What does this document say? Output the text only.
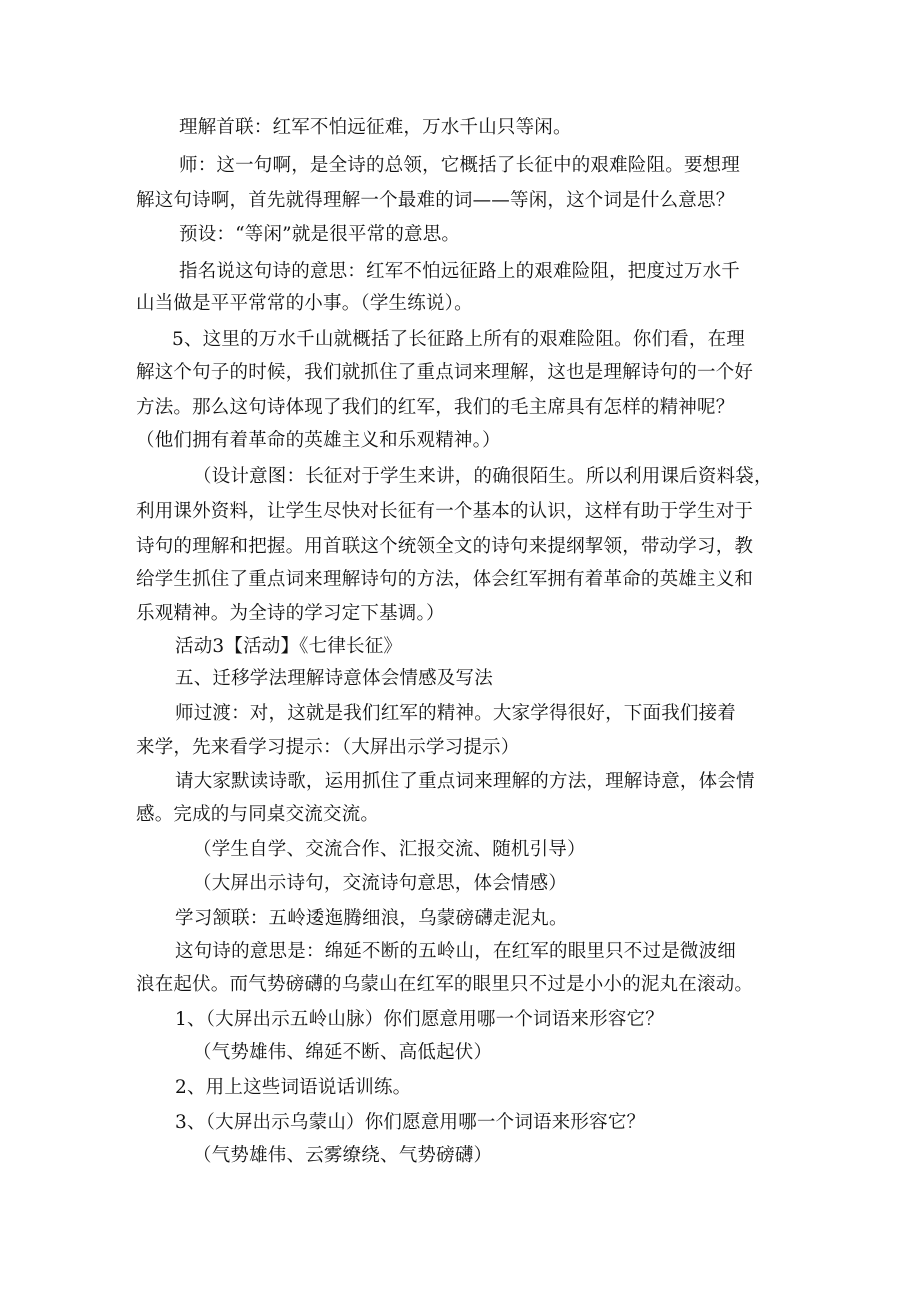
理解首联：红军不怕远征难，万水千山只等闲。
师：这一句啊，是全诗的总领，它概括了长征中的艰难险阻。要想理
解这句诗啊，首先就得理解一个最难的词——等闲，这个词是什么意思？
预设：“等闲”就是很平常的意思。
指名说这句诗的意思：红军不怕远征路上的艰难险阻，把度过万水千
山当做是平平常常的小事。（学生练说）。
5、这里的万水千山就概括了长征路上所有的艰难险阻。你们看，在理
解这个句子的时候，我们就抓住了重点词来理解，这也是理解诗句的一个好
方法。那么这句诗体现了我们的红军，我们的毛主席具有怎样的精神呢？
（他们拥有着革命的英雄主义和乐观精神。）
（设计意图：长征对于学生来讲，的确很陌生。所以利用课后资料袋，
利用课外资料，让学生尽快对长征有一个基本的认识，这样有助于学生对于
诗句的理解和把握。用首联这个统领全文的诗句来提纲挈领，带动学习，教
给学生抓住了重点词来理解诗句的方法，体会红军拥有着革命的英雄主义和
乐观精神。为全诗的学习定下基调。）
活动3【活动】《七律长征》
五、迁移学法理解诗意体会情感及写法
师过渡：对，这就是我们红军的精神。大家学得很好，下面我们接着
来学，先来看学习提示：（大屏出示学习提示）
请大家默读诗歌，运用抓住了重点词来理解的方法，理解诗意，体会情
感。完成的与同桌交流交流。
（学生自学、交流合作、汇报交流、随机引导）
（大屏出示诗句，交流诗句意思，体会情感）
学习颔联：五岭逶迤腾细浪，乌蒙磅礴走泥丸。
这句诗的意思是：绵延不断的五岭山，在红军的眼里只不过是微波细
浪在起伏。而气势磅礴的乌蒙山在红军的眼里只不过是小小的泥丸在滚动。
1、（大屏出示五岭山脉）你们愿意用哪一个词语来形容它？
（气势雄伟、绵延不断、高低起伏）
2、用上这些词语说话训练。
3、（大屏出示乌蒙山）你们愿意用哪一个词语来形容它？
（气势雄伟、云雾缭绕、气势磅礴）
